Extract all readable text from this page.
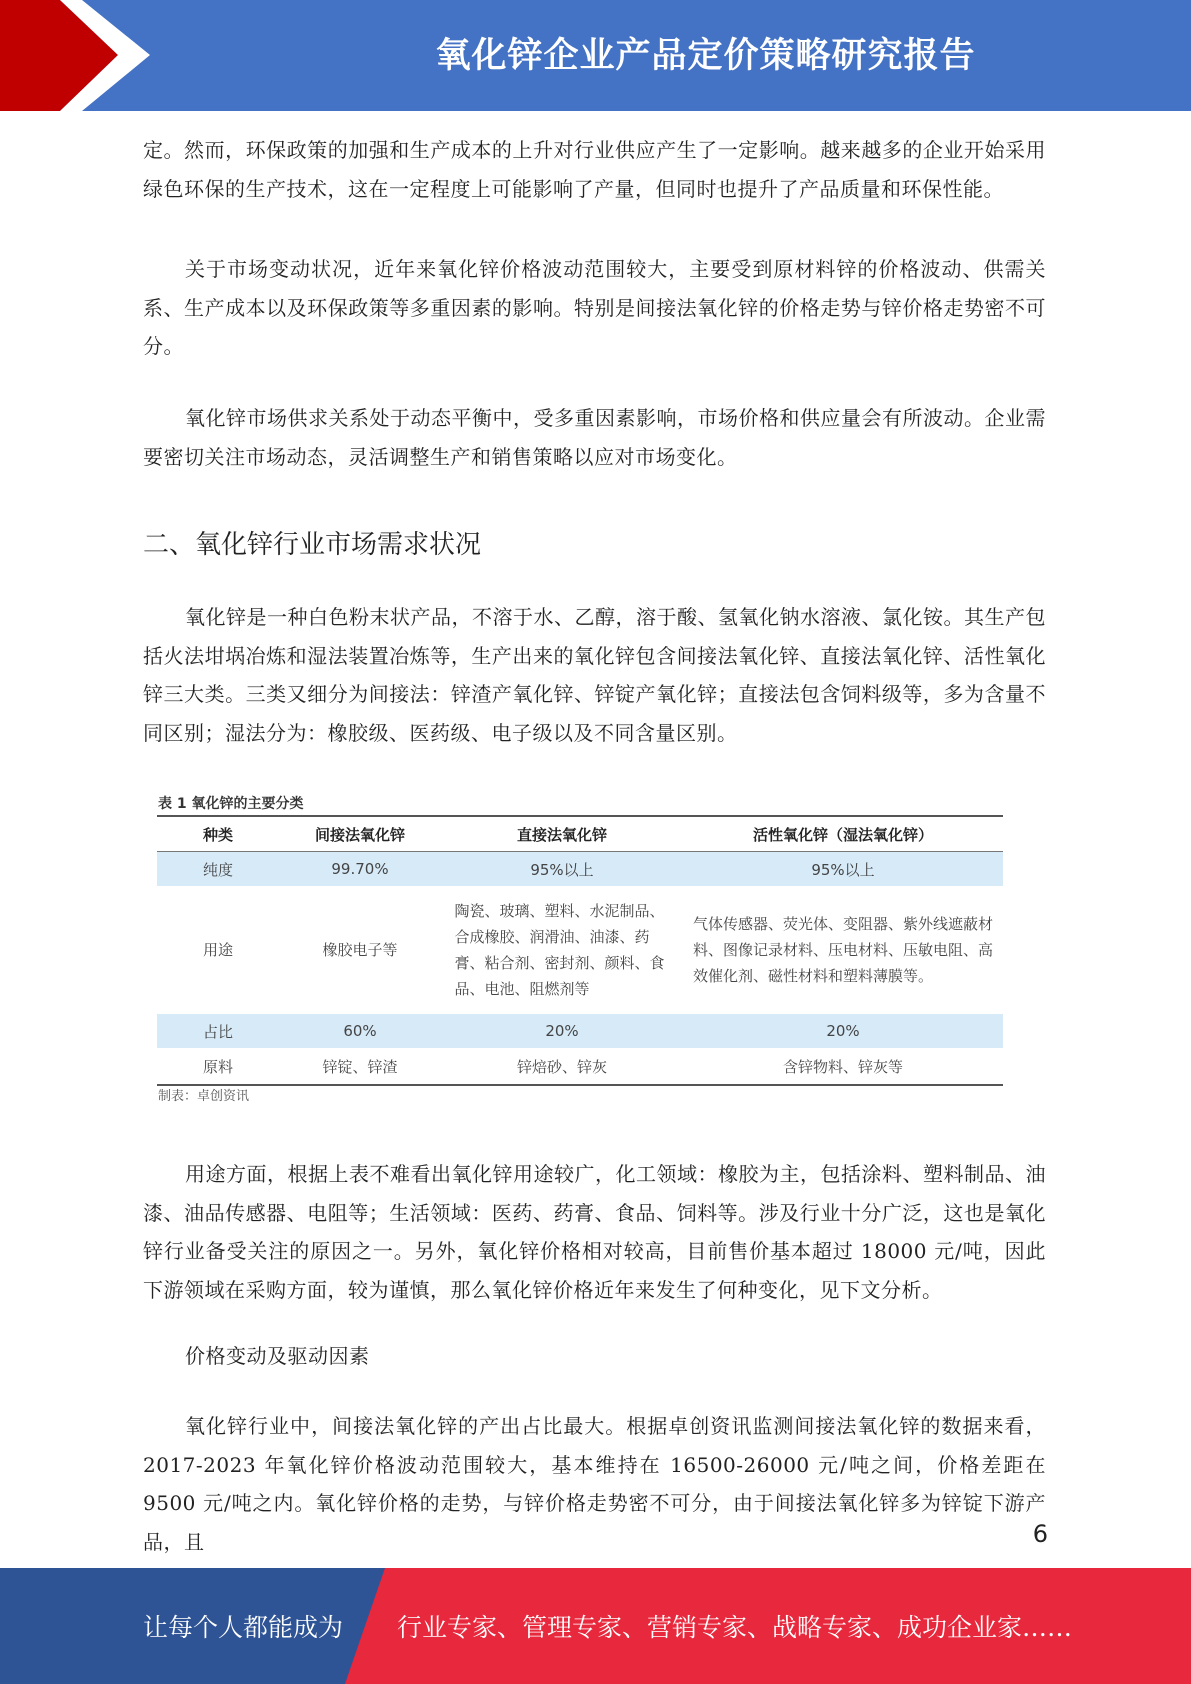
氧化锌企业产品定价策略研究报告

定。然而，环保政策的加强和生产成本的上升对行业供应产生了一定影响。越来越多的企业开始采用绿色环保的生产技术，这在一定程度上可能影响了产量，但同时也提升了产品质量和环保性能。

关于市场变动状况，近年来氧化锌价格波动范围较大，主要受到原材料锌的价格波动、供需关系、生产成本以及环保政策等多重因素的影响。特别是间接法氧化锌的价格走势与锌价格走势密不可分。

氧化锌市场供求关系处于动态平衡中，受多重因素影响，市场价格和供应量会有所波动。企业需要密切关注市场动态，灵活调整生产和销售策略以应对市场变化。

二、氧化锌行业市场需求状况

氧化锌是一种白色粉末状产品，不溶于水、乙醇，溶于酸、氢氧化钠水溶液、氯化铵。其生产包括火法坩埚冶炼和湿法装置冶炼等，生产出来的氧化锌包含间接法氧化锌、直接法氧化锌、活性氧化锌三大类。三类又细分为间接法：锌渣产氧化锌、锌锭产氧化锌；直接法包含饲料级等，多为含量不同区别；湿法分为：橡胶级、医药级、电子级以及不同含量区别。

表 1 氧化锌的主要分类
种类	间接法氧化锌	直接法氧化锌	活性氧化锌（湿法氧化锌）
纯度	99.70%	95%以上	95%以上
用途	橡胶电子等	陶瓷、玻璃、塑料、水泥制品、合成橡胶、润滑油、油漆、药膏、粘合剂、密封剂、颜料、食品、电池、阻燃剂等	气体传感器、荧光体、变阻器、紫外线遮蔽材料、图像记录材料、压电材料、压敏电阻、高效催化剂、磁性材料和塑料薄膜等。
占比	60%	20%	20%
原料	锌锭、锌渣	锌焙砂、锌灰	含锌物料、锌灰等
制表：卓创资讯

用途方面，根据上表不难看出氧化锌用途较广，化工领域：橡胶为主，包括涂料、塑料制品、油漆、油品传感器、电阻等；生活领域：医药、药膏、食品、饲料等。涉及行业十分广泛，这也是氧化锌行业备受关注的原因之一。另外，氧化锌价格相对较高，目前售价基本超过 18000 元/吨，因此下游领域在采购方面，较为谨慎，那么氧化锌价格近年来发生了何种变化，见下文分析。

价格变动及驱动因素

氧化锌行业中，间接法氧化锌的产出占比最大。根据卓创资讯监测间接法氧化锌的数据来看，2017-2023 年氧化锌价格波动范围较大，基本维持在 16500-26000 元/吨之间，价格差距在 9500 元/吨之内。氧化锌价格的走势，与锌价格走势密不可分，由于间接法氧化锌多为锌锭下游产品，且	6
让每个人都能成为 行业专家、管理专家、营销专家、战略专家、成功企业家……
